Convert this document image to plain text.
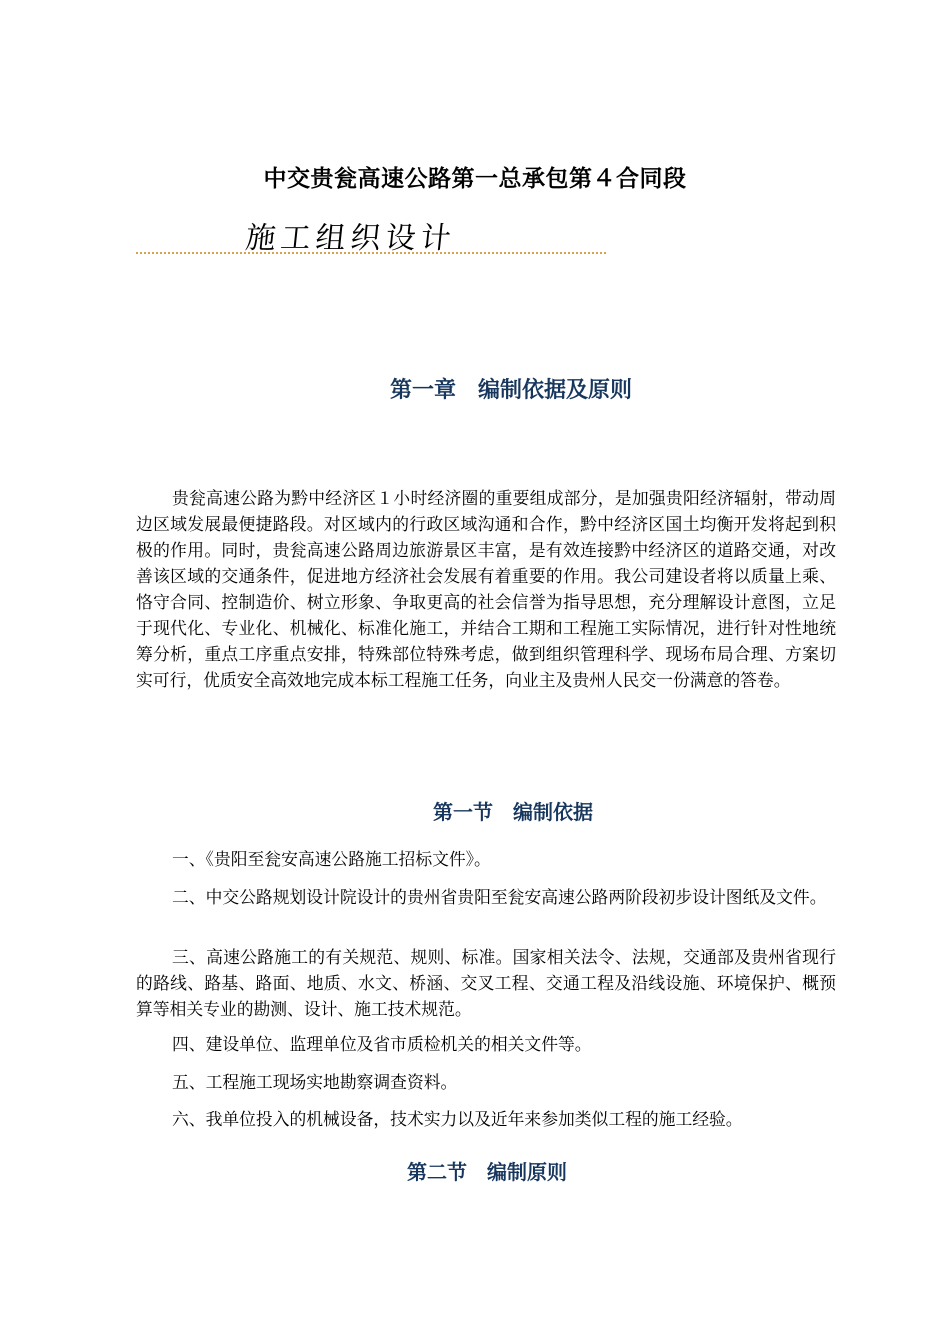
中交贵瓮高速公路第一总承包第４合同段
施工组织设计
第一章　编制依据及原则

贵瓮高速公路为黔中经济区１小时经济圈的重要组成部分，是加强贵阳经济辐射，带动周边区域发展最便捷路段。对区域内的行政区域沟通和合作，黔中经济区国土均衡开发将起到积极的作用。同时，贵瓮高速公路周边旅游景区丰富，是有效连接黔中经济区的道路交通，对改善该区域的交通条件，促进地方经济社会发展有着重要的作用。我公司建设者将以质量上乘、恪守合同、控制造价、树立形象、争取更高的社会信誉为指导思想，充分理解设计意图，立足于现代化、专业化、机械化、标准化施工，并结合工期和工程施工实际情况，进行针对性地统筹分析，重点工序重点安排，特殊部位特殊考虑，做到组织管理科学、现场布局合理、方案切实可行，优质安全高效地完成本标工程施工任务，向业主及贵州人民交一份满意的答卷。

第一节　编制依据

一、《贵阳至瓮安高速公路施工招标文件》。

二、中交公路规划设计院设计的贵州省贵阳至瓮安高速公路两阶段初步设计图纸及文件。

三、高速公路施工的有关规范、规则、标准。国家相关法令、法规，交通部及贵州省现行的路线、路基、路面、地质、水文、桥涵、交叉工程、交通工程及沿线设施、环境保护、概预算等相关专业的勘测、设计、施工技术规范。

四、建设单位、监理单位及省市质检机关的相关文件等。

五、工程施工现场实地勘察调查资料。

六、我单位投入的机械设备，技术实力以及近年来参加类似工程的施工经验。

第二节　编制原则
